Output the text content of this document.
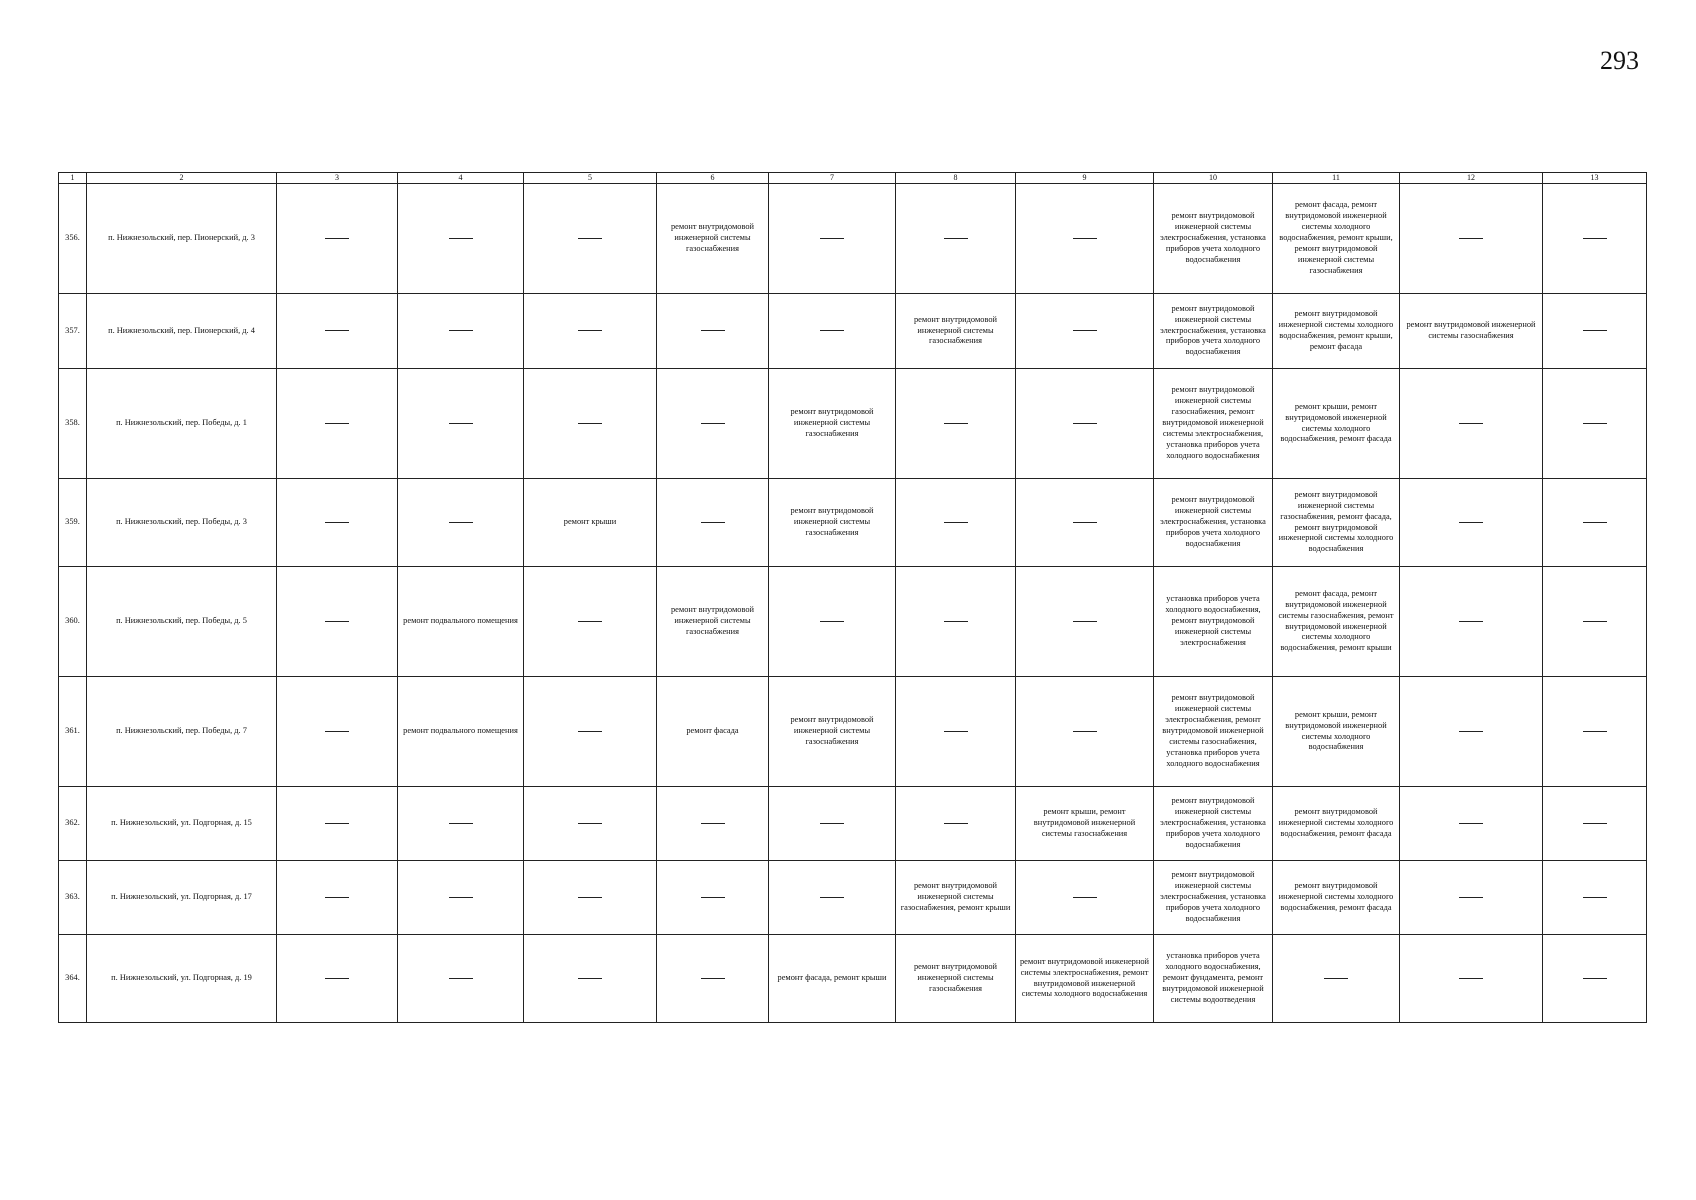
293
1	2	3	4	5	6	7	8	9	10	11	12	13
356.	п. Нижнезольский, пер. Пионерский, д. 3				ремонт внутридомовой инженерной системы газоснабжения				ремонт внутридомовой инженерной системы электроснабжения, установка приборов учета холодного водоснабжения	ремонт фасада, ремонт внутридомовой инженерной системы холодного водоснабжения, ремонт крыши, ремонт внутридомовой инженерной системы газоснабжения		
357.	п. Нижнезольский, пер. Пионерский, д. 4						ремонт внутридомовой инженерной системы газоснабжения		ремонт внутридомовой инженерной системы электроснабжения, установка приборов учета холодного водоснабжения	ремонт внутридомовой инженерной системы холодного водоснабжения, ремонт крыши, ремонт фасада	ремонт внутридомовой инженерной системы газоснабжения	
358.	п. Нижнезольский, пер. Победы, д. 1					ремонт внутридомовой инженерной системы газоснабжения			ремонт внутридомовой инженерной системы газоснабжения, ремонт внутридомовой инженерной системы электроснабжения, установка приборов учета холодного водоснабжения	ремонт крыши, ремонт внутридомовой инженерной системы холодного водоснабжения, ремонт фасада		
359.	п. Нижнезольский, пер. Победы, д. 3			ремонт крыши		ремонт внутридомовой инженерной системы газоснабжения			ремонт внутридомовой инженерной системы электроснабжения, установка приборов учета холодного водоснабжения	ремонт внутридомовой инженерной системы газоснабжения, ремонт фасада, ремонт внутридомовой инженерной системы холодного водоснабжения		
360.	п. Нижнезольский, пер. Победы, д. 5		ремонт подвального помещения		ремонт внутридомовой инженерной системы газоснабжения				установка приборов учета холодного водоснабжения, ремонт внутридомовой инженерной системы электроснабжения	ремонт фасада, ремонт внутридомовой инженерной системы газоснабжения, ремонт внутридомовой инженерной системы холодного водоснабжения, ремонт крыши		
361.	п. Нижнезольский, пер. Победы, д. 7		ремонт подвального помещения		ремонт фасада	ремонт внутридомовой инженерной системы газоснабжения			ремонт внутридомовой инженерной системы электроснабжения, ремонт внутридомовой инженерной системы газоснабжения, установка приборов учета холодного водоснабжения	ремонт крыши, ремонт внутридомовой инженерной системы холодного водоснабжения		
362.	п. Нижнезольский, ул. Подгорная, д. 15							ремонт крыши, ремонт внутридомовой инженерной системы газоснабжения	ремонт внутридомовой инженерной системы электроснабжения, установка приборов учета холодного водоснабжения	ремонт внутридомовой инженерной системы холодного водоснабжения, ремонт фасада		
363.	п. Нижнезольский, ул. Подгорная, д. 17						ремонт внутридомовой инженерной системы газоснабжения, ремонт крыши		ремонт внутридомовой инженерной системы электроснабжения, установка приборов учета холодного водоснабжения	ремонт внутридомовой инженерной системы холодного водоснабжения, ремонт фасада		
364.	п. Нижнезольский, ул. Подгорная, д. 19					ремонт фасада, ремонт крыши	ремонт внутридомовой инженерной системы газоснабжения	ремонт внутридомовой инженерной системы электроснабжения, ремонт внутридомовой инженерной системы холодного водоснабжения	установка приборов учета холодного водоснабжения, ремонт фундамента, ремонт внутридомовой инженерной системы водоотведения			
